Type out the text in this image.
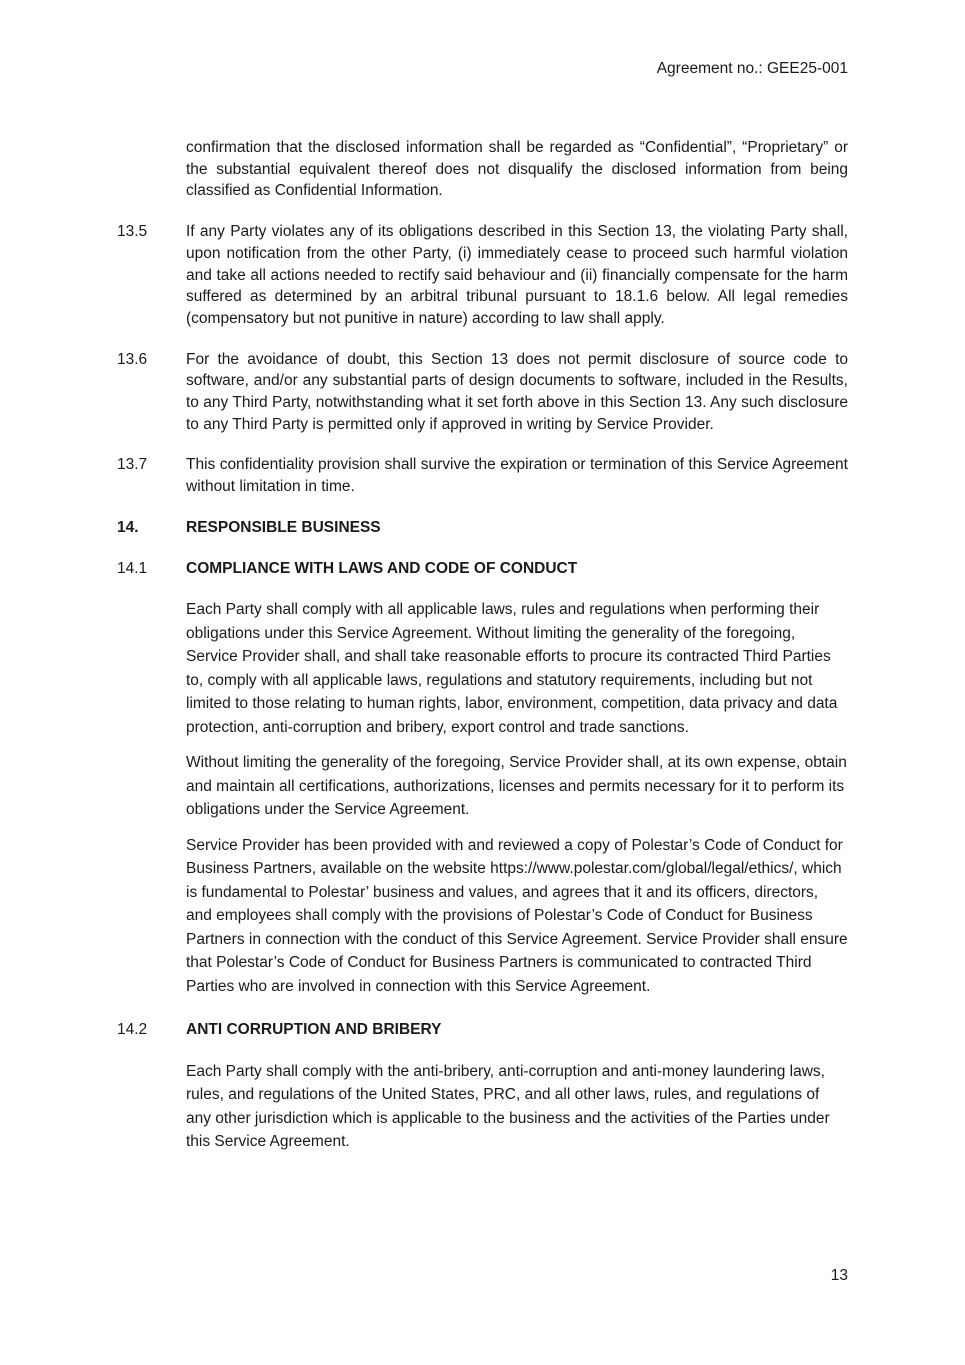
Agreement no.: GEE25-001
confirmation that the disclosed information shall be regarded as “Confidential”, “Proprietary” or the substantial equivalent thereof does not disqualify the disclosed information from being classified as Confidential Information.
13.5	If any Party violates any of its obligations described in this Section 13, the violating Party shall, upon notification from the other Party, (i) immediately cease to proceed such harmful violation and take all actions needed to rectify said behaviour and (ii) financially compensate for the harm suffered as determined by an arbitral tribunal pursuant to 18.1.6 below. All legal remedies (compensatory but not punitive in nature) according to law shall apply.
13.6	For the avoidance of doubt, this Section 13 does not permit disclosure of source code to software, and/or any substantial parts of design documents to software, included in the Results, to any Third Party, notwithstanding what it set forth above in this Section 13. Any such disclosure to any Third Party is permitted only if approved in writing by Service Provider.
13.7	This confidentiality provision shall survive the expiration or termination of this Service Agreement without limitation in time.
14.	RESPONSIBLE BUSINESS
14.1	COMPLIANCE WITH LAWS AND CODE OF CONDUCT
Each Party shall comply with all applicable laws, rules and regulations when performing their obligations under this Service Agreement. Without limiting the generality of the foregoing, Service Provider shall, and shall take reasonable efforts to procure its contracted Third Parties to, comply with all applicable laws, regulations and statutory requirements, including but not limited to those relating to human rights, labor, environment, competition, data privacy and data protection, anti-corruption and bribery, export control and trade sanctions.
Without limiting the generality of the foregoing, Service Provider shall, at its own expense, obtain and maintain all certifications, authorizations, licenses and permits necessary for it to perform its obligations under the Service Agreement.
Service Provider has been provided with and reviewed a copy of Polestar’s Code of Conduct for Business Partners, available on the website https://www.polestar.com/global/legal/ethics/, which is fundamental to Polestar’ business and values, and agrees that it and its officers, directors, and employees shall comply with the provisions of Polestar’s Code of Conduct for Business Partners in connection with the conduct of this Service Agreement. Service Provider shall ensure that Polestar’s Code of Conduct for Business Partners is communicated to contracted Third Parties who are involved in connection with this Service Agreement.
14.2	ANTI CORRUPTION AND BRIBERY
Each Party shall comply with the anti-bribery, anti-corruption and anti-money laundering laws, rules, and regulations of the United States, PRC, and all other laws, rules, and regulations of any other jurisdiction which is applicable to the business and the activities of the Parties under this Service Agreement.
13
